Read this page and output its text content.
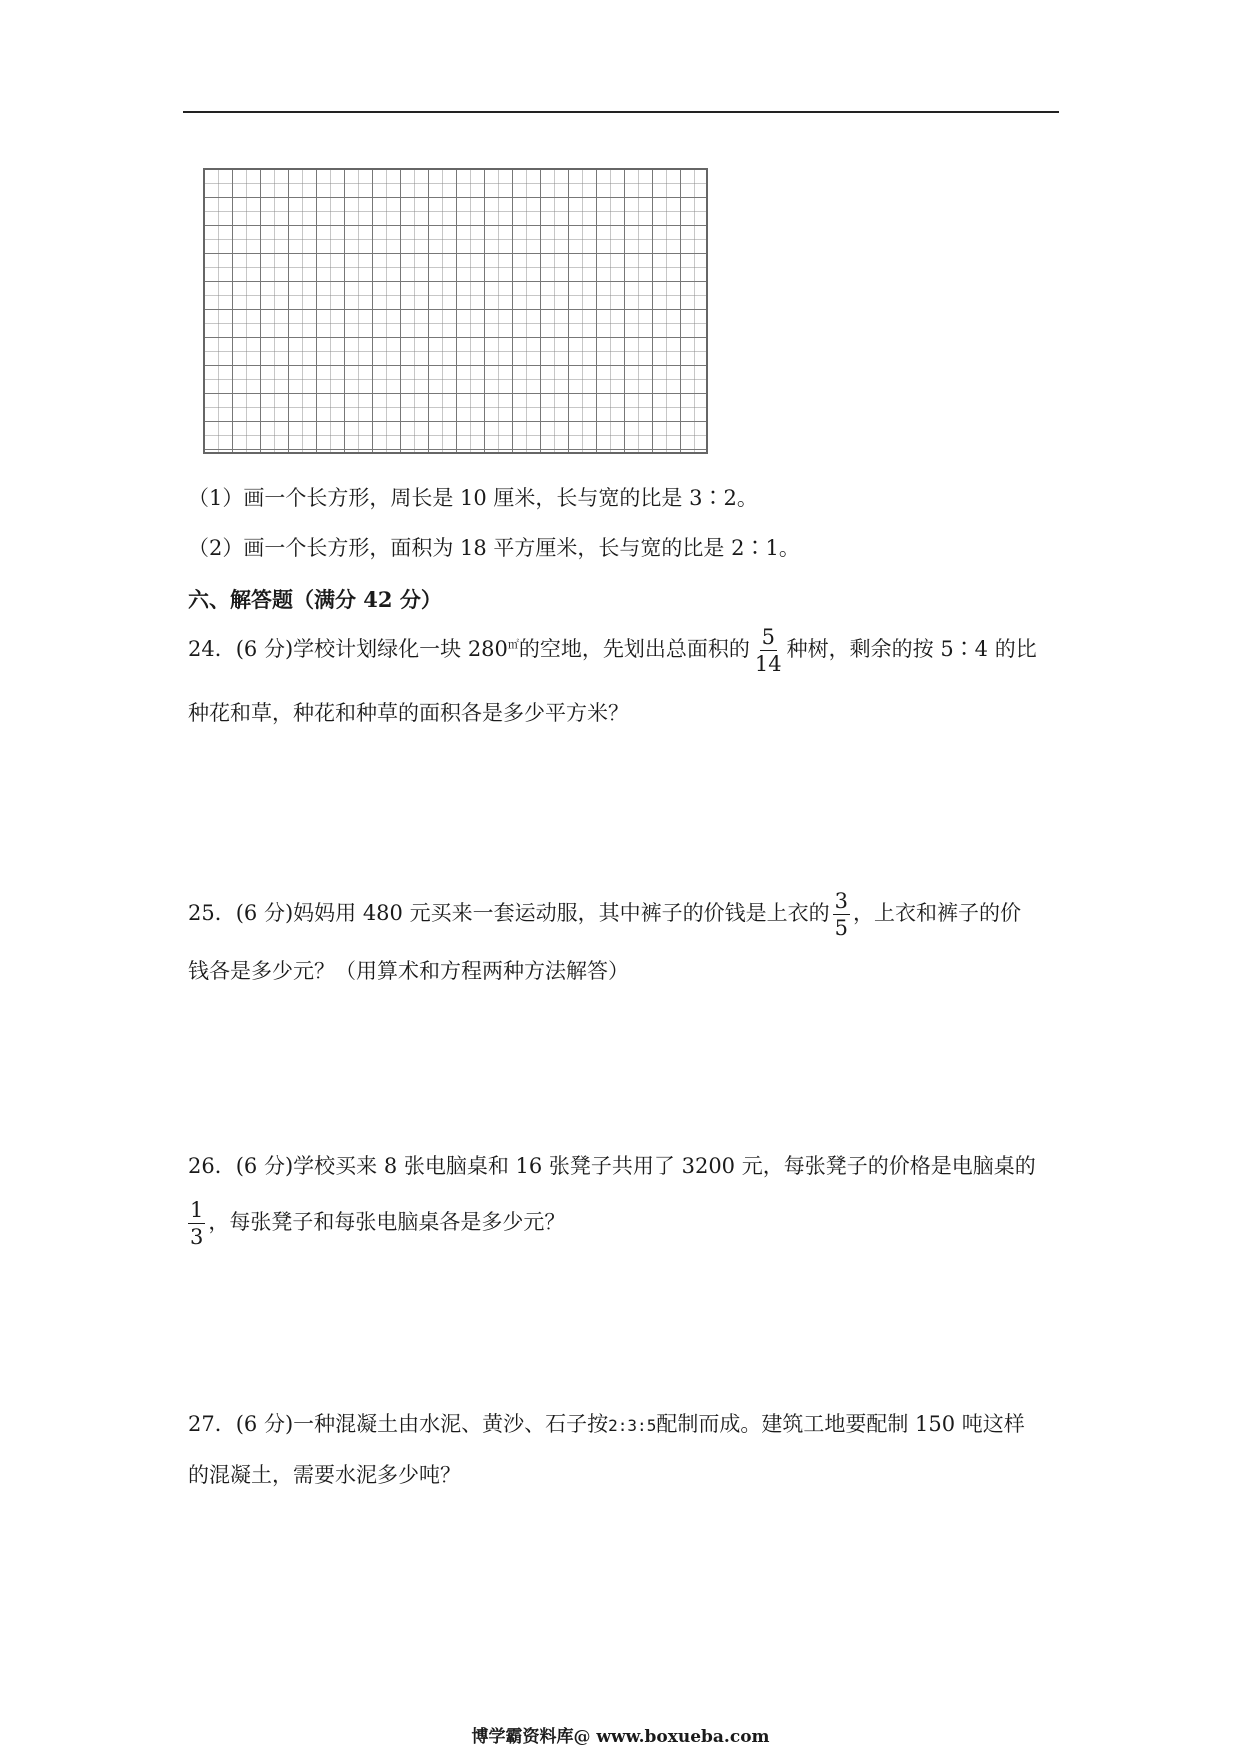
（1）画一个长方形，周长是 10 厘米，长与宽的比是 3∶2。
（2）画一个长方形，面积为 18 平方厘米，长与宽的比是 2∶1。
六、解答题（满分 42 分）
24．(6 分)学校计划绿化一块 280㎡的空地，先划出总面积的 $\frac{5}{14}$ 种树，剩余的按 5∶4 的比
种花和草，种花和种草的面积各是多少平方米？
25．(6 分)妈妈用 480 元买来一套运动服，其中裤子的价钱是上衣的 $\frac{3}{5}$ ，上衣和裤子的价
钱各是多少元？（用算术和方程两种方法解答）
26．(6 分)学校买来 8 张电脑桌和 16 张凳子共用了 3200 元，每张凳子的价格是电脑桌的
$\frac{1}{3}$ ，每张凳子和每张电脑桌各是多少元？
27．(6 分)一种混凝土由水泥、黄沙、石子按2:3:5配制而成。建筑工地要配制 150 吨这样
的混凝土，需要水泥多少吨？
博学霸资料库@ www.boxueba.com
